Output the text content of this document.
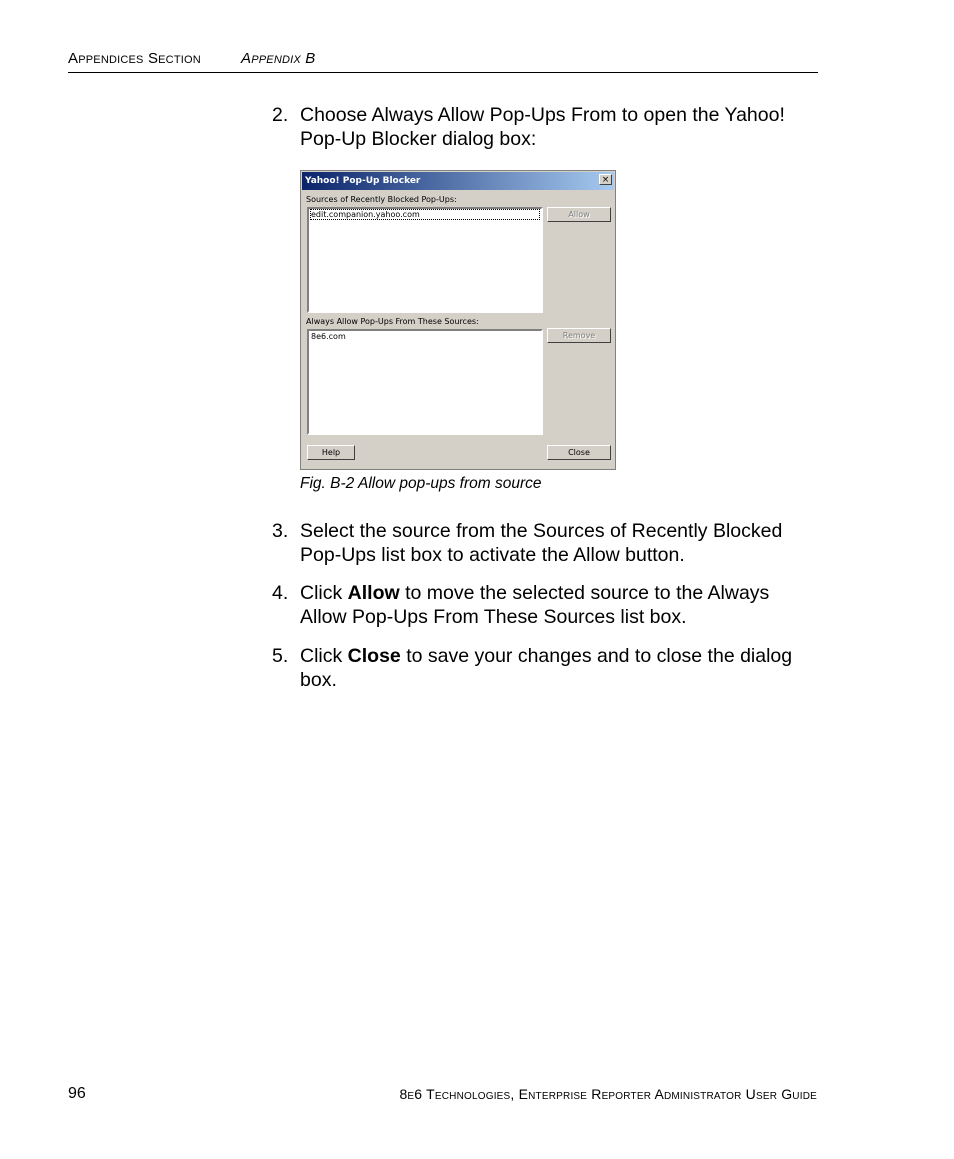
Appendices Section	Appendix B
2. Choose Always Allow Pop-Ups From to open the Yahoo! Pop-Up Blocker dialog box:
Yahoo! Pop-Up Blocker	×
Sources of Recently Blocked Pop-Ups:
edit.companion.yahoo.com	Allow
Always Allow Pop-Ups From These Sources:
8e6.com	Remove
Help	Close
Fig. B-2 Allow pop-ups from source
3. Select the source from the Sources of Recently Blocked Pop-Ups list box to activate the Allow button.
4. Click Allow to move the selected source to the Always Allow Pop-Ups From These Sources list box.
5. Click Close to save your changes and to close the dialog box.
96	8e6 Technologies, Enterprise Reporter Administrator User Guide
